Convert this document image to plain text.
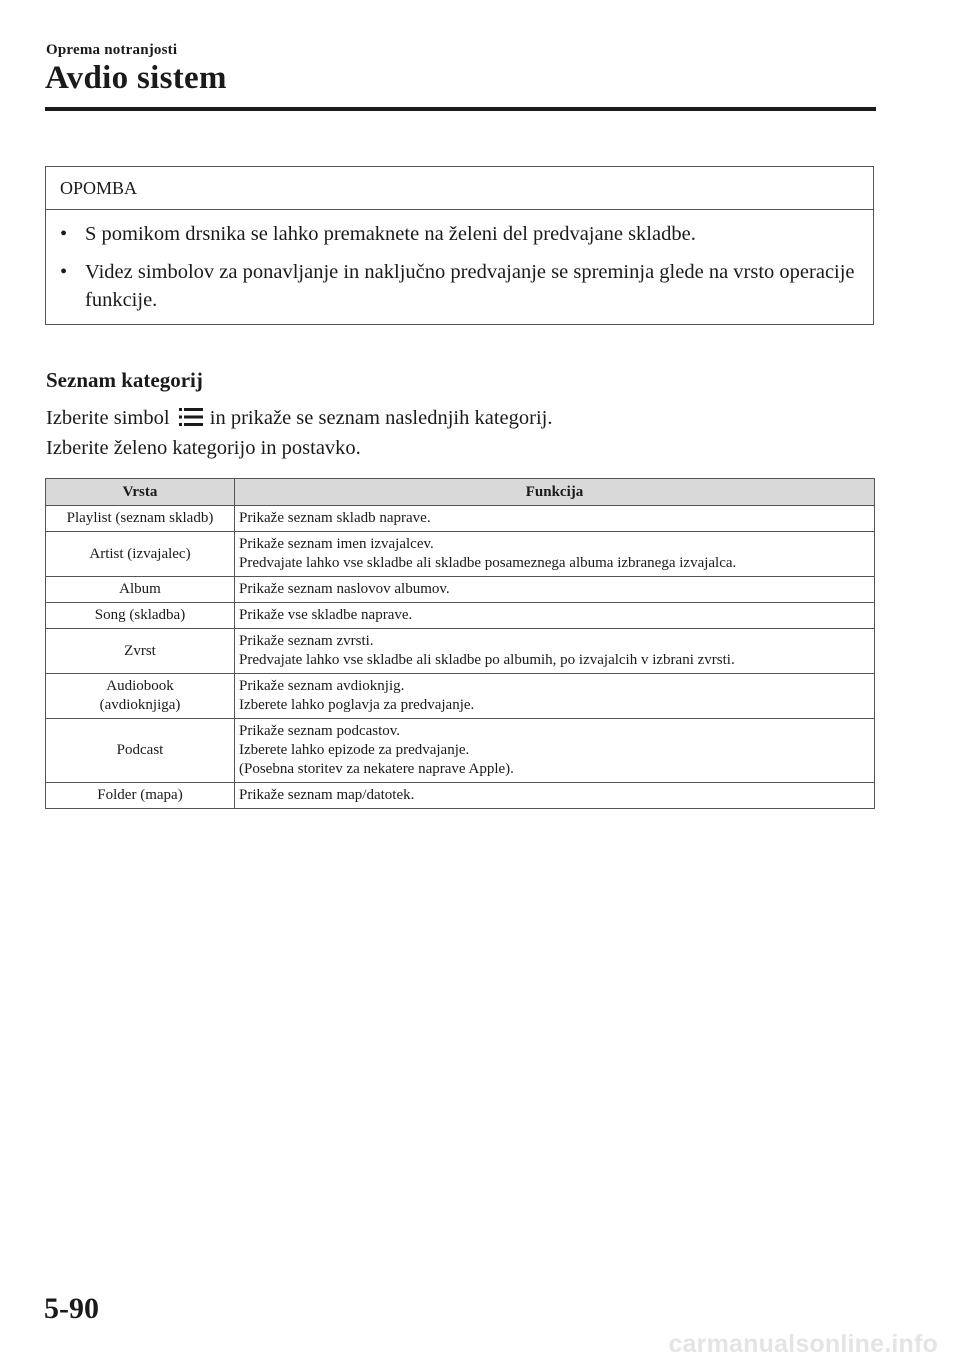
Oprema notranjosti
Avdio sistem
OPOMBA
• S pomikom drsnika se lahko premaknete na želeni del predvajane skladbe.
• Videz simbolov za ponavljanje in naključno predvajanje se spreminja glede na vrsto operacije funkcije.
Seznam kategorij
Izberite simbol in prikaže se seznam naslednjih kategorij.
Izberite želeno kategorijo in postavko.
Vrsta	Funkcija

Playlist (seznam skladb)	Prikaže seznam skladb naprave.

Artist (izvajalec)	Prikaže seznam imen izvajalcev.
Predvajate lahko vse skladbe ali skladbe posameznega albuma izbranega izvajalca.

Album	Prikaže seznam naslovov albumov.

Song (skladba)	Prikaže vse skladbe naprave.

Zvrst	Prikaže seznam zvrsti.
Predvajate lahko vse skladbe ali skladbe po albumih, po izvajalcih v izbrani zvrsti.

Audiobook
(avdioknjiga)	Prikaže seznam avdioknjig.
Izberete lahko poglavja za predvajanje.

Podcast	Prikaže seznam podcastov.
Izberete lahko epizode za predvajanje.
(Posebna storitev za nekatere naprave Apple).

Folder (mapa)	Prikaže seznam map/datotek.
5-90
carmanualsonline.info
